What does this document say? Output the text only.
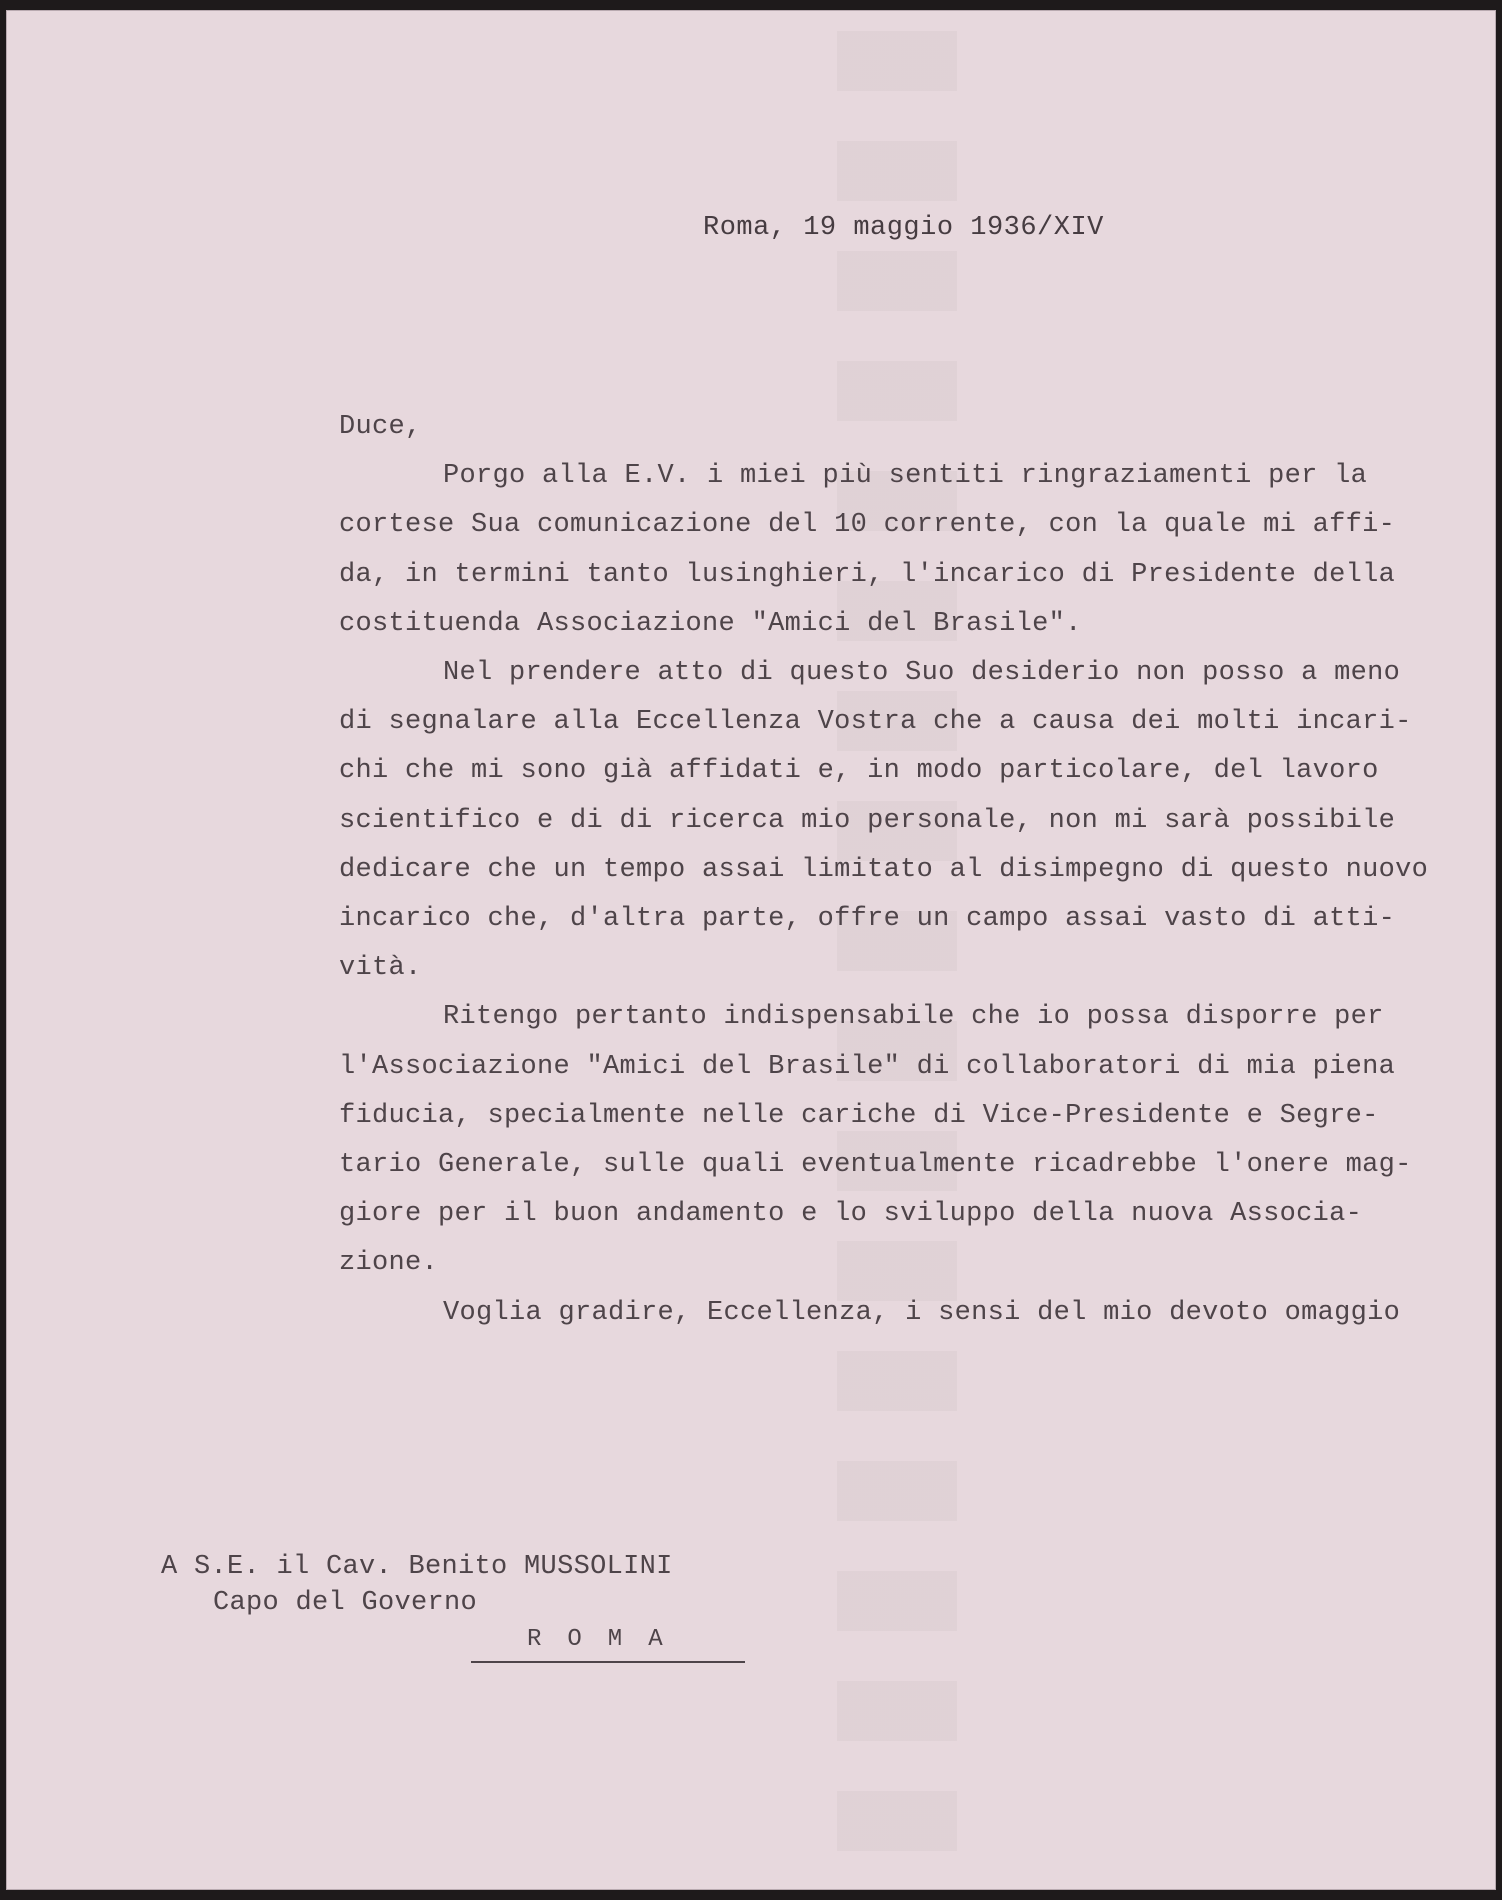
Roma, 19 maggio 1936/XIV

Duce,

Porgo alla E.V. i miei più sentiti ringraziamenti per la
cortese Sua comunicazione del 10 corrente, con la quale mi affi-
da, in termini tanto lusinghieri, l'incarico di Presidente della
costituenda Associazione "Amici del Brasile".

Nel prendere atto di questo Suo desiderio non posso a meno
di segnalare alla Eccellenza Vostra che a causa dei molti incari-
chi che mi sono già affidati e, in modo particolare, del lavoro
scientifico e di di ricerca mio personale, non mi sarà possibile
dedicare che un tempo assai limitato al disimpegno di questo nuovo
incarico che, d'altra parte, offre un campo assai vasto di atti-
vità.

Ritengo pertanto indispensabile che io possa disporre per
l'Associazione "Amici del Brasile" di collaboratori di mia piena
fiducia, specialmente nelle cariche di Vice-Presidente e Segre-
tario Generale, sulle quali eventualmente ricadrebbe l'onere mag-
giore per il buon andamento e lo sviluppo della nuova Associa-
zione.

Voglia gradire, Eccellenza, i sensi del mio devoto omaggio

A S.E. il Cav. Benito MUSSOLINI
Capo del Governo
ROMA
